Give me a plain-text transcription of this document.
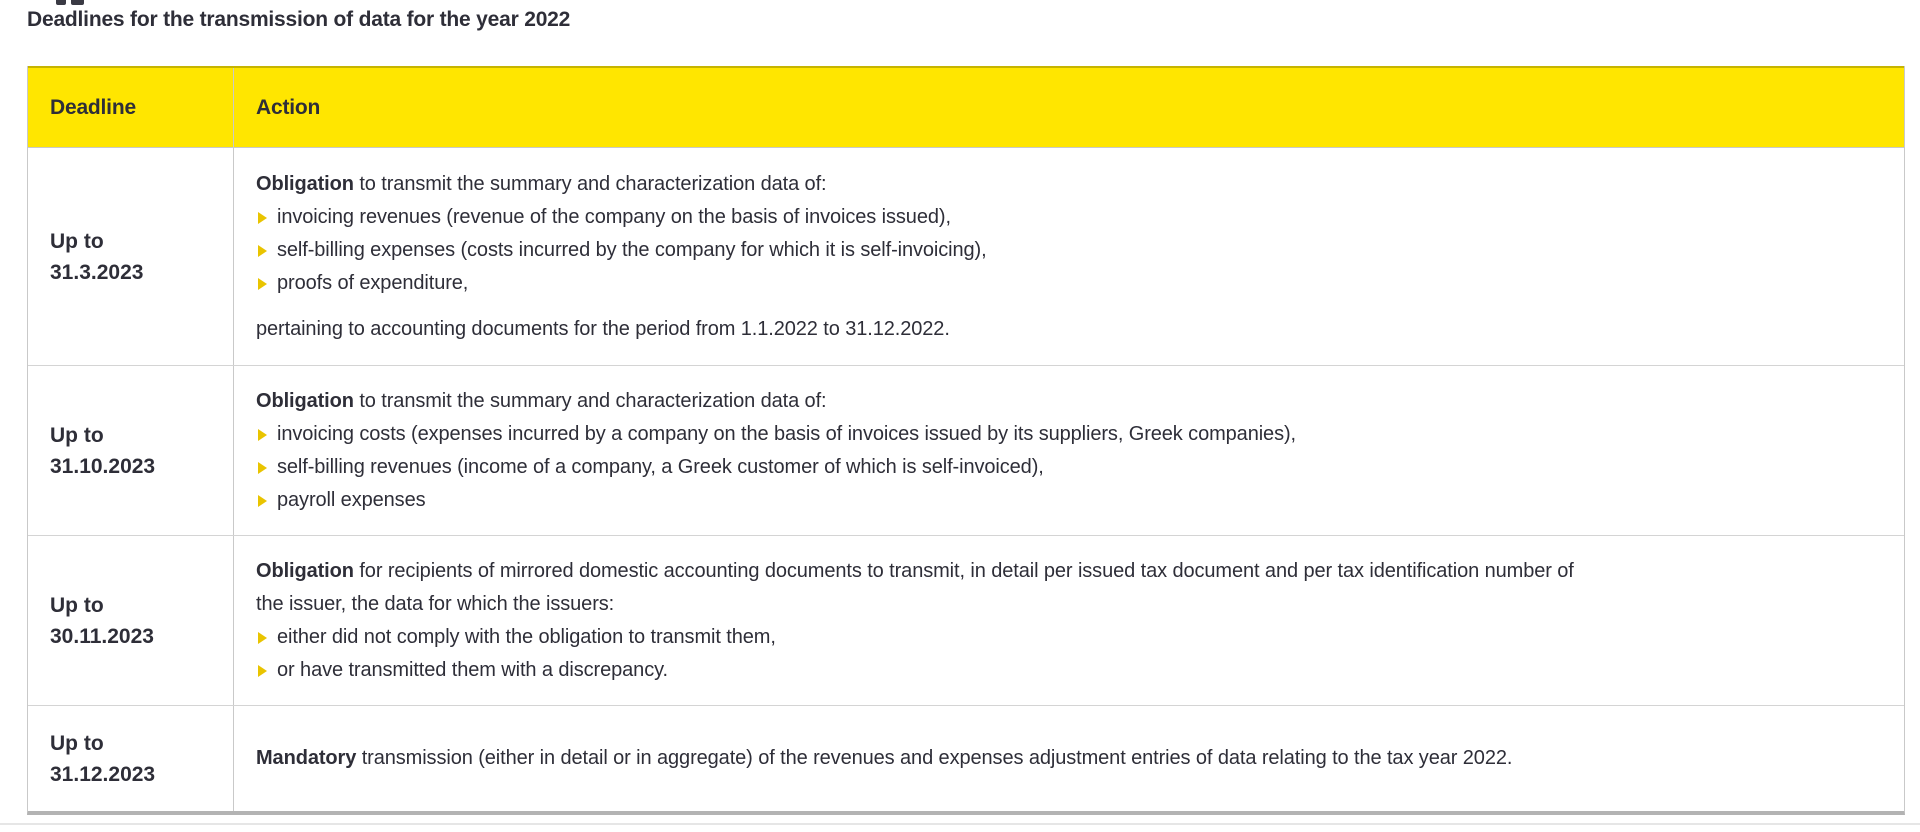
Deadlines for the transmission of data for the year 2022
Deadline	Action
Up to
31.3.2023

Obligation to transmit the summary and characterization data of:

invoicing revenues (revenue of the company on the basis of invoices issued),
self-billing expenses (costs incurred by the company for which it is self-invoicing),
proofs of expenditure,

pertaining to accounting documents for the period from 1.1.2022 to 31.12.2022.

Up to
31.10.2023

Obligation to transmit the summary and characterization data of:

invoicing costs (expenses incurred by a company on the basis of invoices issued by its suppliers, Greek companies),
self-billing revenues (income of a company, a Greek customer of which is self-invoiced),
payroll expenses
Up to
30.11.2023

Obligation for recipients of mirrored domestic accounting documents to transmit, in detail per issued tax document and per tax identification number of the issuer, the data for which the issuers:

either did not comply with the obligation to transmit them,
or have transmitted them with a discrepancy.
Up to
31.12.2023

Mandatory transmission (either in detail or in aggregate) of the revenues and expenses adjustment entries of data relating to the tax year 2022.
